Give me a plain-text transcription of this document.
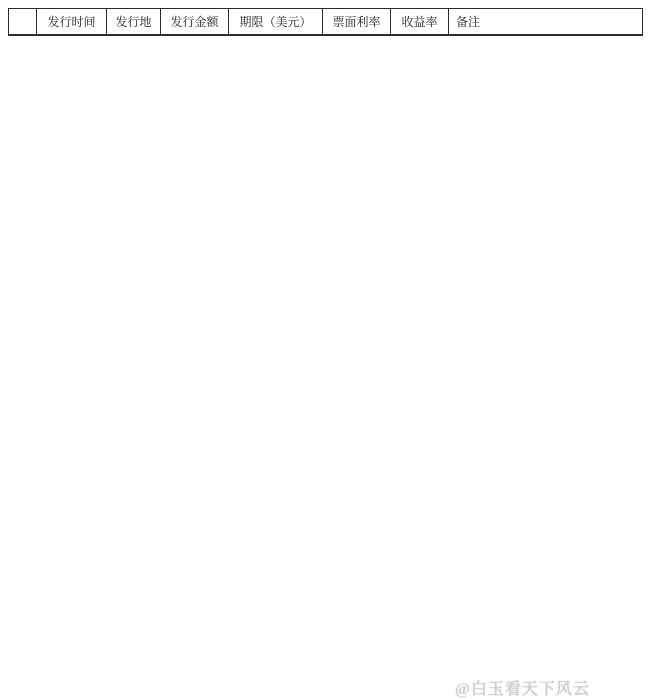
	发行时间	发行地	发行金额	期限（美元）	票面利率	收益率	备注
@白玉看天下风云
